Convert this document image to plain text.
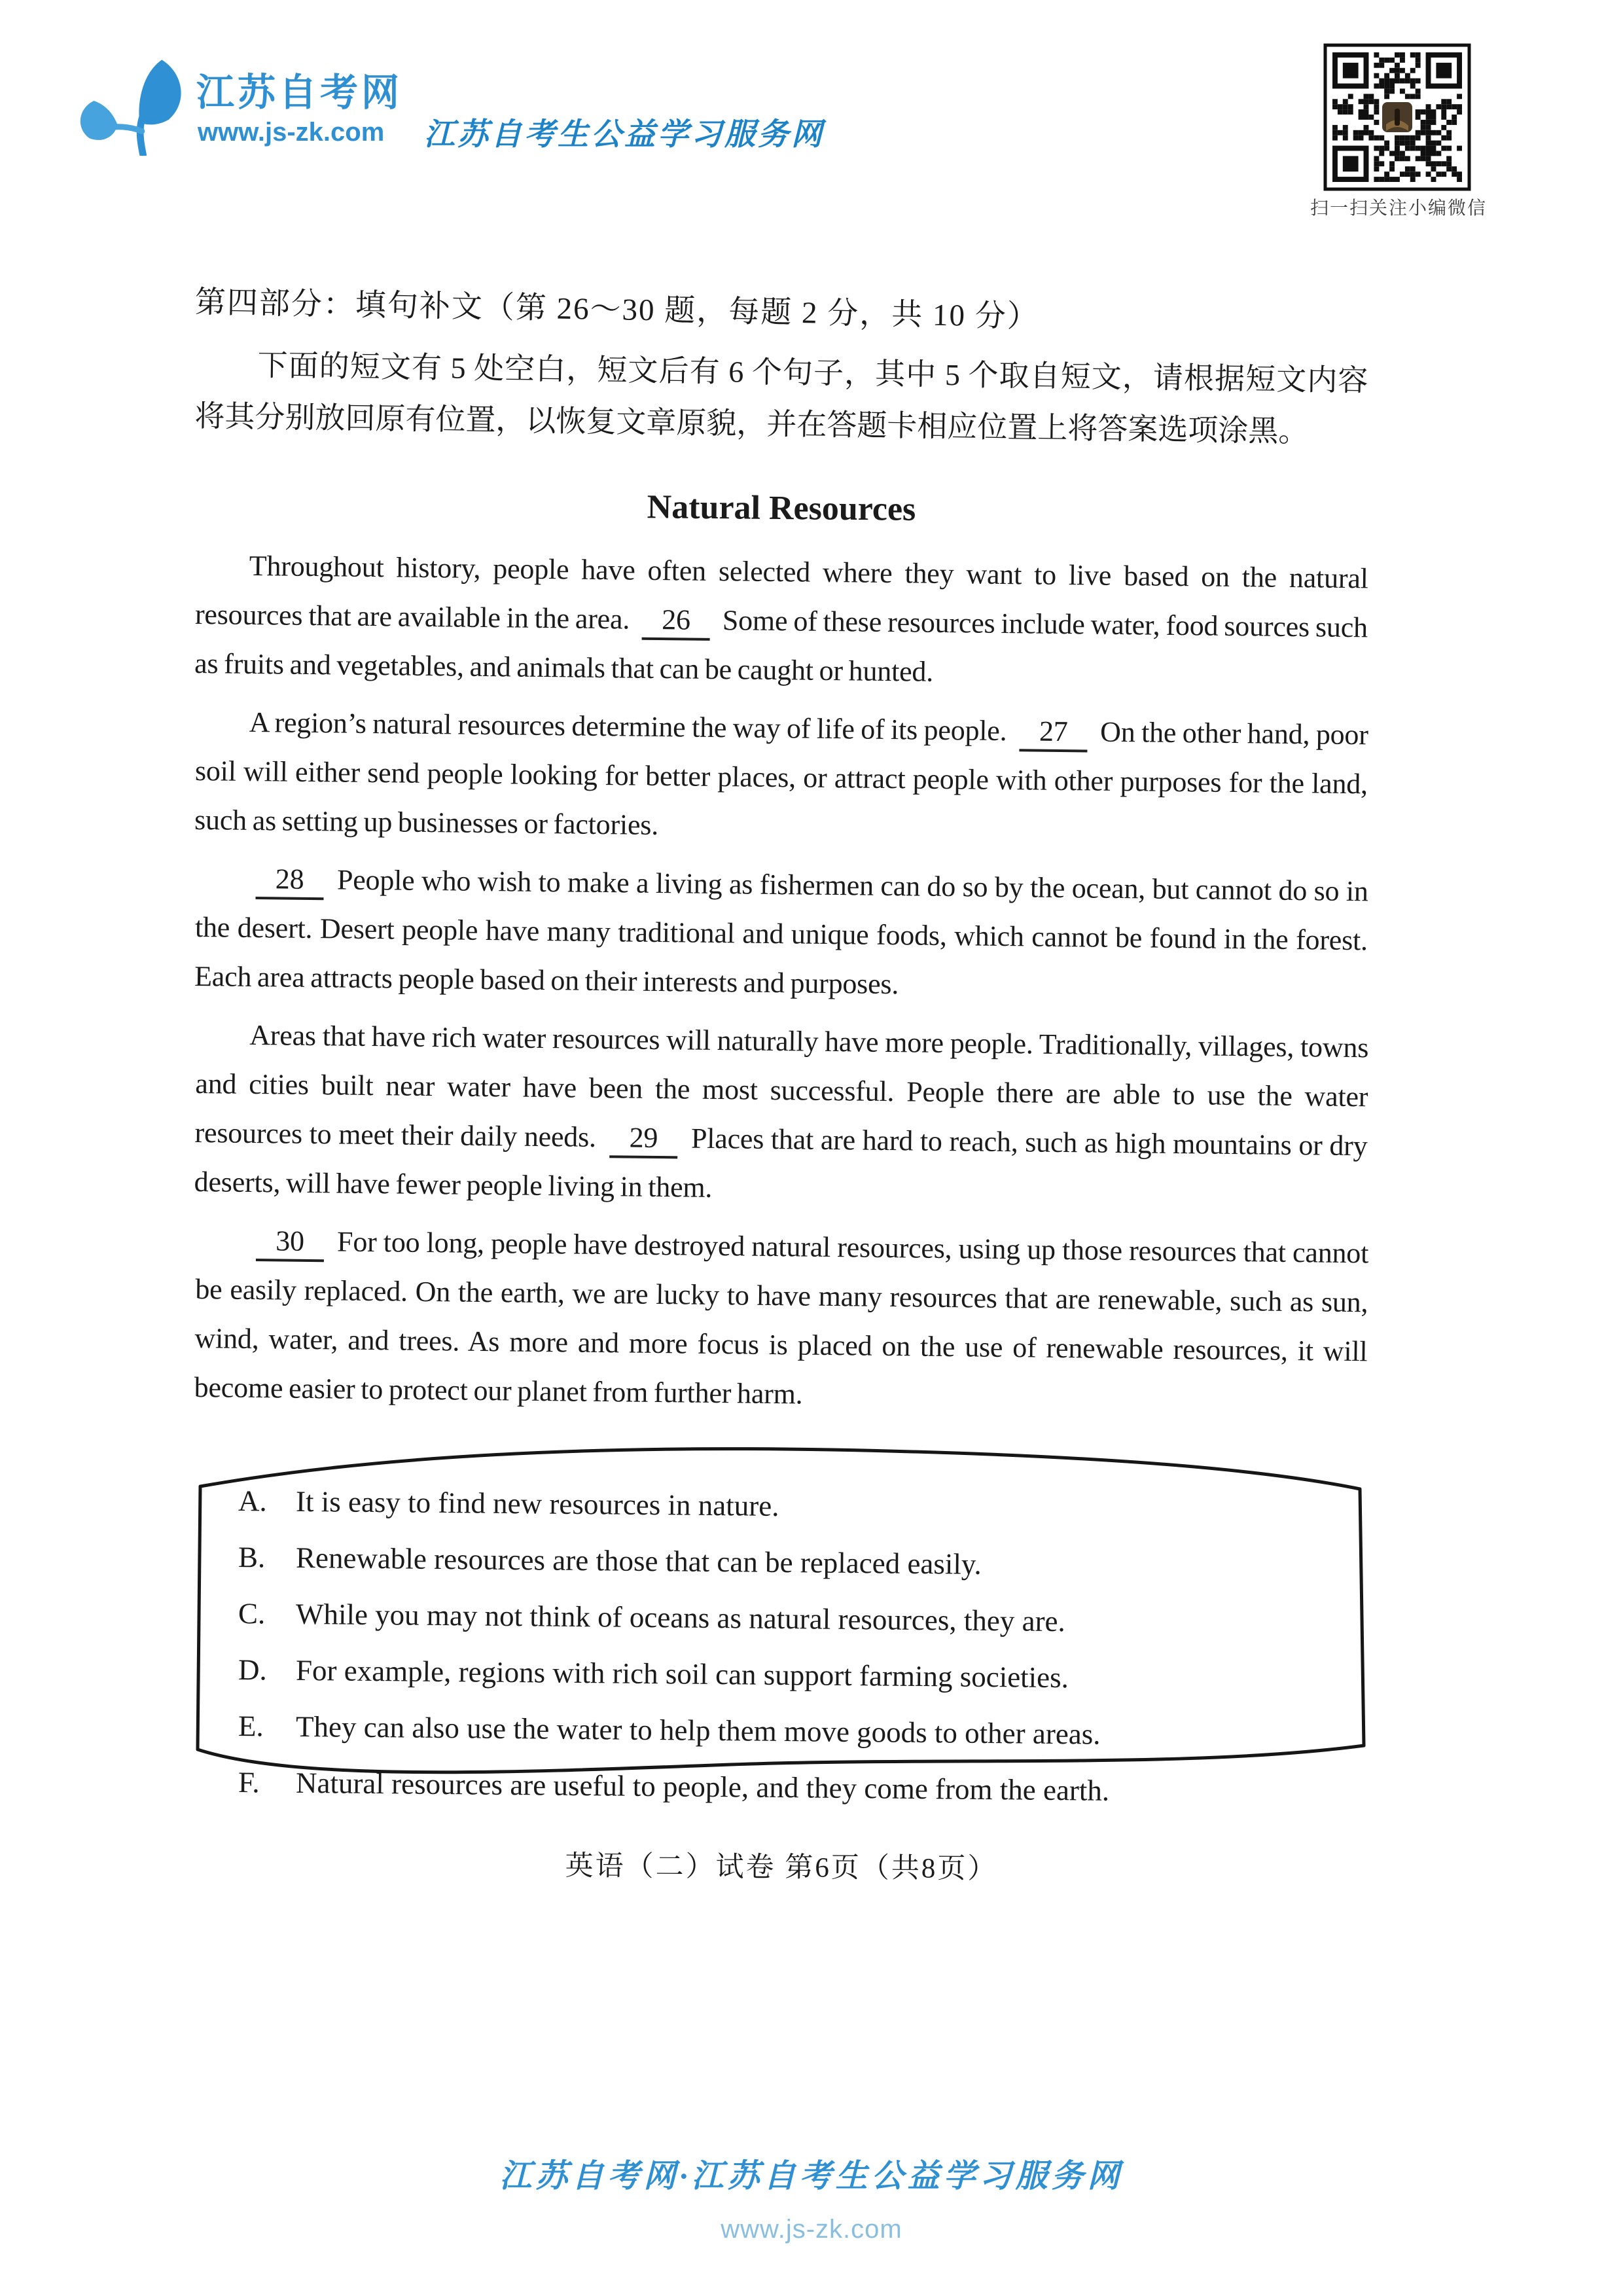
江苏自考网
www.js-zk.com 江苏自考生公益学习服务网
扫一扫关注小编微信
第四部分：填句补文（第 26～30 题，每题 2 分，共 10 分）
下面的短文有 5 处空白，短文后有 6 个句子，其中 5 个取自短文，请根据短文内容将其分别放回原有位置，以恢复文章原貌，并在答题卡相应位置上将答案选项涂黑。
Natural Resources
Throughout history, people have often selected where they want to live based on the natural resources that are available in the area. 26 Some of these resources include water, food sources such as fruits and vegetables, and animals that can be caught or hunted.
A region’s natural resources determine the way of life of its people. 27 On the other hand, poor soil will either send people looking for better places, or attract people with other purposes for the land, such as setting up businesses or factories.
28 People who wish to make a living as fishermen can do so by the ocean, but cannot do so in the desert. Desert people have many traditional and unique foods, which cannot be found in the forest. Each area attracts people based on their interests and purposes.
Areas that have rich water resources will naturally have more people. Traditionally, villages, towns and cities built near water have been the most successful. People there are able to use the water resources to meet their daily needs. 29 Places that are hard to reach, such as high mountains or dry deserts, will have fewer people living in them.
30 For too long, people have destroyed natural resources, using up those resources that cannot be easily replaced. On the earth, we are lucky to have many resources that are renewable, such as sun, wind, water, and trees. As more and more focus is placed on the use of renewable resources, it will become easier to protect our planet from further harm.
A. It is easy to find new resources in nature.
B.	Renewable resources are those that can be replaced easily.
C.	While you may not think of oceans as natural resources, they are.
D. For example, regions with rich soil can support farming societies.
E.	They can also use the water to help them move goods to other areas.
F.	Natural resources are useful to people, and they come from the earth.
英语（二）试卷 第6页（共8页）
江苏自考网·江苏自考生公益学习服务网
www.js-zk.com
